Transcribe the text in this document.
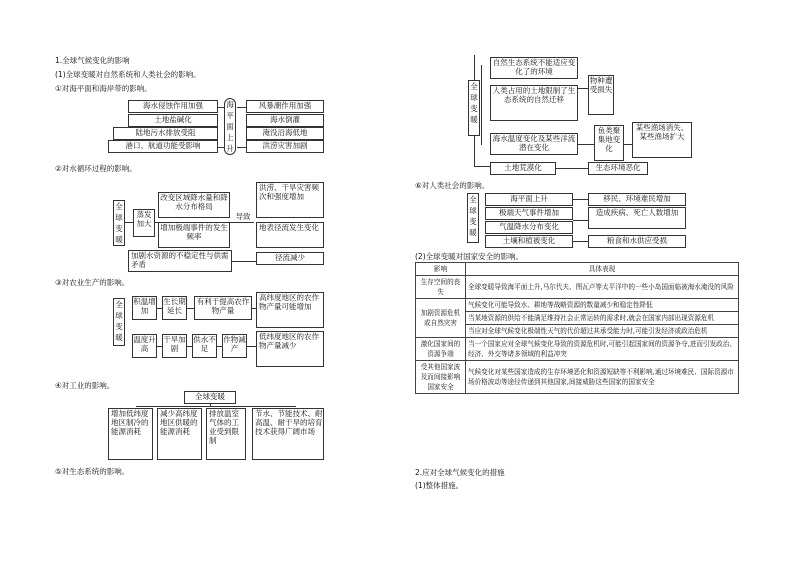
1.全球气候变化的影响
(1)全球变暖对自然系统和人类社会的影响。
①对海平面和海岸带的影响。
海水侵蚀作用加强
土地盐碱化
陆地污水排放受阻
港口、航道功能受影响
海平面上升
风暴潮作用加强
海水倒灌
淹没沿海低地
洪涝灾害加剧
②对水循环过程的影响。
全球变暖
蒸发加大
改变区域降水量和降水分布格局
增加极端事件的发生频率
导致
洪涝、干旱灾害频次和强度增加
地表径流发生变化
加剧水资源的不稳定性与供需矛盾
径流减少
③对农业生产的影响。
全球变暖
积温增加
生长期延长
有利于提高农作物产量
高纬度地区的农作物产量可能增加
温度升高
干旱加剧
供水不足
作物减产
低纬度地区的农作物产量减少
④对工业的影响。
全球变暖
增加低纬度地区制冷的能源消耗
减少高纬度地区供暖的能源消耗
排放温室气体的工业受到限制
节水、节能技术、耐高温、耐干旱的培育技术获得广阔市场
⑤对生态系统的影响。
全球变暖
自然生态系统不能适应变化了的环境
人类占用的土地限制了生态系统的自然迁移
物种遭受损失
海水温度变化及某些洋流潜在变化
鱼类聚集地变化
某些渔场消失、某些渔场扩大
土地荒漠化	生态环境恶化
⑥对人类社会的影响。
全球变暖
海平面上升
极端天气事件增加
气温降水分布变化
土壤和植被变化
移民、环境难民增加
造成疾病、死亡人数增加
粮食和水供应受损
(2)全球变暖对国家安全的影响。
影响	具体表现
生存空间的丧失	全球变暖导致海平面上升,马尔代夫、图瓦卢等太平洋中的一些小岛国面临被海水淹没的风险
加剧资源危机或自然灾害	气候变化可能导致水、耕地等战略资源的数量减少和稳定性降低
	当某地资源的供给不能满足维持社会正常运转的需求时,就会在国家内部出现资源危机
	当应对全球气候变化极端性天气的代价超过其承受能力时,可能引发经济或政治危机
激化国家间的资源争端	当一个国家应对全球气候变化导致的资源危机时,可能引起国家间的资源争夺,进而引发政治、经济、外交等诸多领域的利益冲突
受其他国家波及而间接影响国家安全	气候变化对某些国家造成的生存环境恶化和资源短缺等不利影响,通过环境难民、国际资源市场价格波动等途径传递到其他国家,间接威胁这些国家的国家安全
2.应对全球气候变化的措施
(1)整体措施。
